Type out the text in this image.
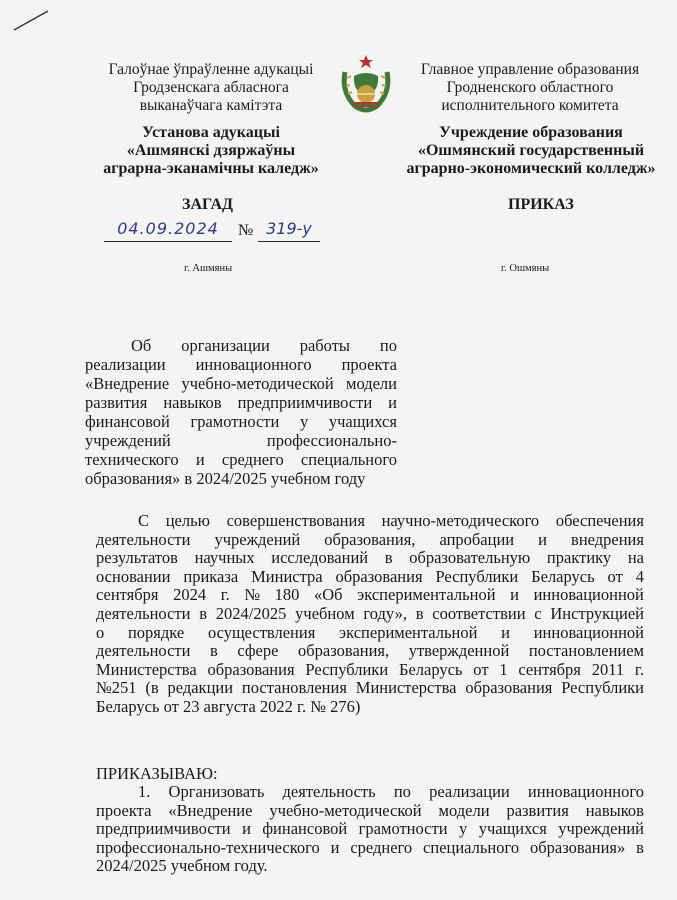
Галоўнае ўпраўленне адукацыі
Гродзенскага абласнога
выканаўчага камітэта
Главное управление образования
Гродненского областного
исполнительного комитета
Установа адукацыі
«Ашмянскі дзяржаўны
аграрна-эканамічны каледж»
Учреждение образования
«Ошмянский государственный
аграрно-экономический колледж»
ЗАГАД	ПРИКАЗ
04.09.2024	№ 319-у
г. Ашмяны	г. Ошмяны
Об организации работы по
реализации инновационного проекта
«Внедрение учебно-методической модели
развития навыков предприимчивости и
финансовой грамотности у учащихся
учреждений	профессионально-
технического и среднего специального
образования» в 2024/2025 учебном году
С целью совершенствования научно-методического обеспечения
деятельности учреждений образования, апробации и внедрения
результатов научных исследований в образовательную практику на
основании приказа Министра образования Республики Беларусь от 4
сентября 2024 г. № 180 «Об экспериментальной и инновационной
деятельности в 2024/2025 учебном году», в соответствии с Инструкцией
о порядке осуществления экспериментальной и инновационной
деятельности в сфере образования, утвержденной постановлением
Министерства образования Республики Беларусь от 1 сентября 2011 г.
№251 (в редакции постановления Министерства образования Республики
Беларусь от 23 августа 2022 г. № 276)
ПРИКАЗЫВАЮ:
1. Организовать деятельность по реализации инновационного
проекта «Внедрение учебно-методической модели развития навыков
предприимчивости и финансовой грамотности у учащихся учреждений
профессионально-технического и среднего специального образования» в
2024/2025 учебном году.
